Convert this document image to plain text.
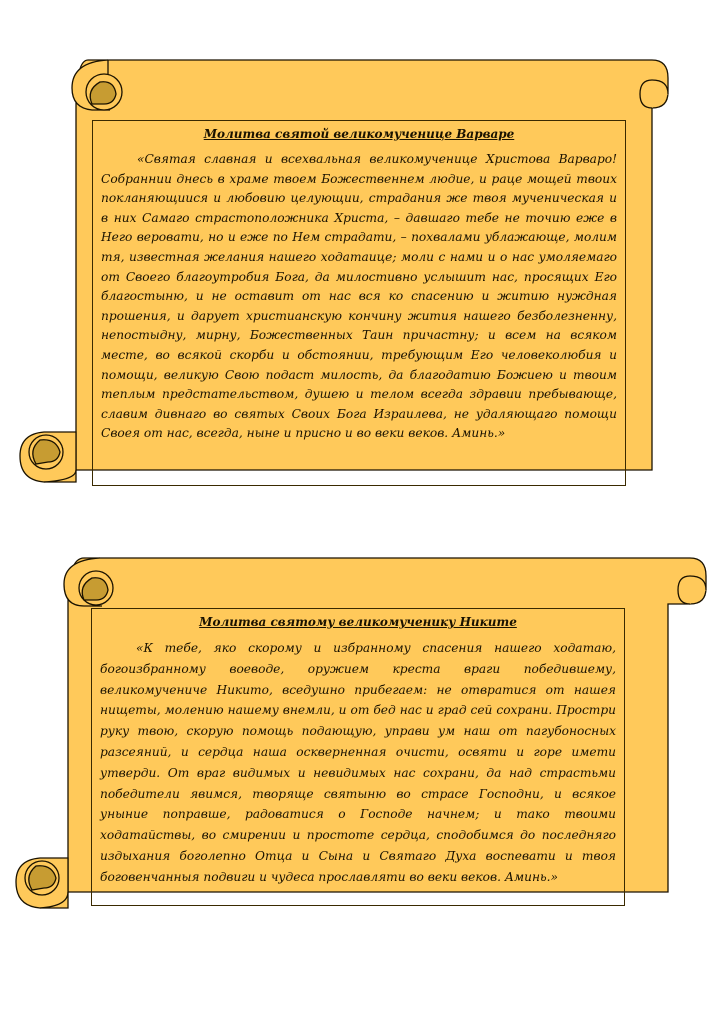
Молитва святой великомученице Варваре

«Святая славная и всехвальная великомученице Христова Варваро! Собраннии днесь в храме твоем Божественнем людие, и раце мощей твоих покланяющиися и любовию целующии, страдания же твоя мученическая и в них Самаго страстоположника Христа, – давшаго тебе не точию еже в Него веровати, но и еже по Нем страдати, – похвалами ублажающе, молим тя, известная желания нашего ходатаице; моли с нами и о нас умоляемаго от Своего благоутробия Бога, да милостивно услышит нас, просящих Его благостыню, и не оставит от нас вся ко спасению и житию нуждная прошения, и дарует христианскую кончину жития нашего безболезненну, непостыдну, мирну, Божественных Таин причастну; и всем на всяком месте, во всякой скорби и обстоянии, требующим Его человеколюбия и помощи, великую Свою подаст милость, да благодатию Божиею и твоим теплым предстательством, душею и телом всегда здравии пребывающе, славим дивнаго во святых Своих Бога Израилева, не удаляющаго помощи Своея от нас, всегда, ныне и присно и во веки веков. Аминь.»

Молитва святому великомученику Никите

«К тебе, яко скорому и избранному спасения нашего ходатаю, богоизбранному воеводе, оружием креста враги победившему, великомучениче Никито, вседушно прибегаем: не отвратися от нашея нищеты, молению нашему внемли, и от бед нас и град сей сохрани. Простри руку твою, скорую помощь подающую, управи ум наш от пагубоносных разсеяний, и сердца наша оскверненная очисти, освяти и горе имети утверди. От враг видимых и невидимых нас сохрани, да над страстьми победители явимся, творяще святыню во страсе Господни, и всякое уныние поправше, радоватися о Господе начнем; и тако твоими ходатайствы, во смирении и простоте сердца, сподобимся до последняго издыхания боголепно Отца и Сына и Святаго Духа воспевати и твоя боговенчанныя подвиги и чудеса прославляти во веки веков. Аминь.»
